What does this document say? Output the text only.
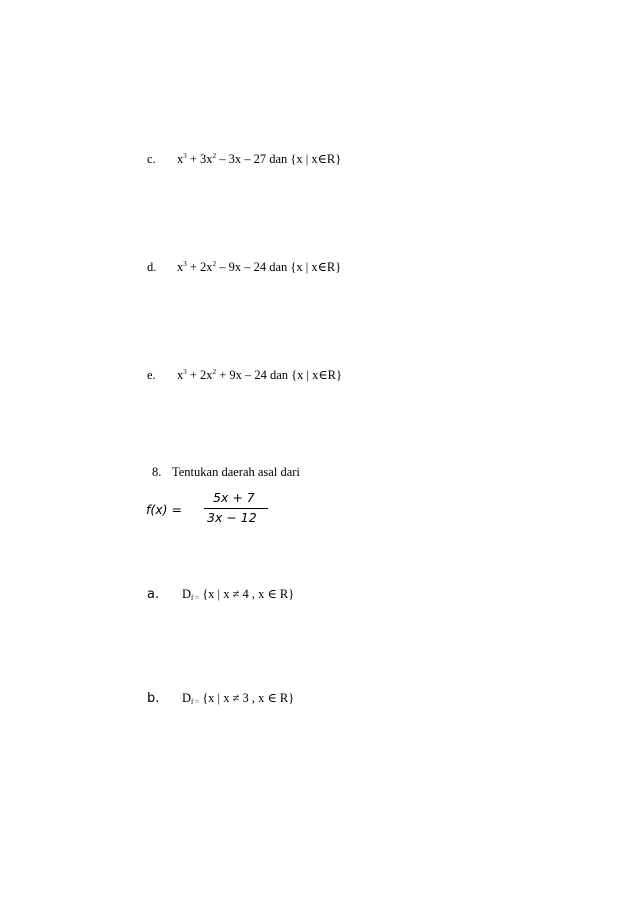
c. $x^3 + 3x^2 - 3x - 27$ dan {x | x∈R}
d. $x^3 + 2x^2 - 9x - 24$ dan {x | x∈R}
e. $x^3 + 2x^2 + 9x - 24$ dan {x | x∈R}
8. Tentukan daerah asal dari
f(x) =
5x + 7
3x − 12
a. $D_{f =}$ {x | x ≠ 4 , x ∈ R}
b. $D_{f =}$ {x | x ≠ 3 , x ∈ R}
